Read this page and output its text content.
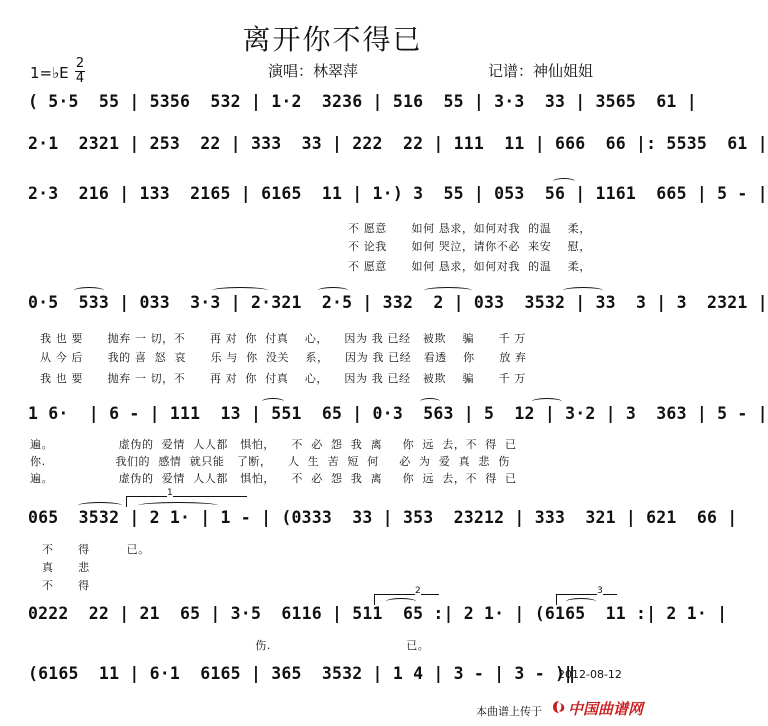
离开你不得已
1=♭E
2
4	演唱：林翠萍	记谱：神仙姐姐
( 5·5  55 | 5356  532 | 1·2  3236 | 516  55 | 3·3  33 | 3565  61 |
2·1  2321 | 253  22 | 333  33 | 222  22 | 111  11 | 666  66 |: 5535  61 |
2·3  216 | 133  2165 | 6165  11 | 1·) 3  55 | 053  56 | 1161  665 | 5 - |
不 愿意      如何 恳求，如何对我  的温    柔，
不 论我      如何 哭泣，请你不必  来安    慰，
不 愿意      如何 恳求，如何对我  的温    柔，
0·5  533 | 033  3·3 | 2·321  2·5 | 332  2 | 033  3532 | 33  3 | 3  2321 |
我 也 要      抛弃 一 切，不      再 对  你  付真    心，    因为 我 已经   被欺    骗      千 万
从 今 后      我的 喜  怒  哀      乐 与  你  没关    系，    因为 我 已经   看透    你      放 弃
我 也 要      抛弃 一 切，不      再 对  你  付真    心，    因为 我 已经   被欺    骗      千 万
1 6·  | 6 - | 111  13 | 551  65 | 0·3  563 | 5  12 | 3·2 | 3  363 | 5 - |
遍。                虚伪的  爱情  人人都   惧怕，    不  必  怨  我  离     你  远  去，不  得  已
你.                 我们的  感情  就只能   了断，    人  生  苦  短  何     必  为  爱  真  悲  伤
遍。                虚伪的  爱情  人人都   惧怕，    不  必  怨  我  离     你  远  去，不  得  已
1
065  3532 | 2 1· | 1 - | (0333  33 | 353  23212 | 333  321 | 621  66 |
不      得         已。
真      悲
不      得	2	3
0222  22 | 21  65 | 3·5  6116 | 511  65 :| 2 1· | (6165  11 :| 2 1· |
伤.                                 已。
(6165  11 | 6·1  6165 | 365  3532 | 1 4 | 3 - | 3 - )‖
2012-08-12
本曲谱上传于 中国曲谱网
